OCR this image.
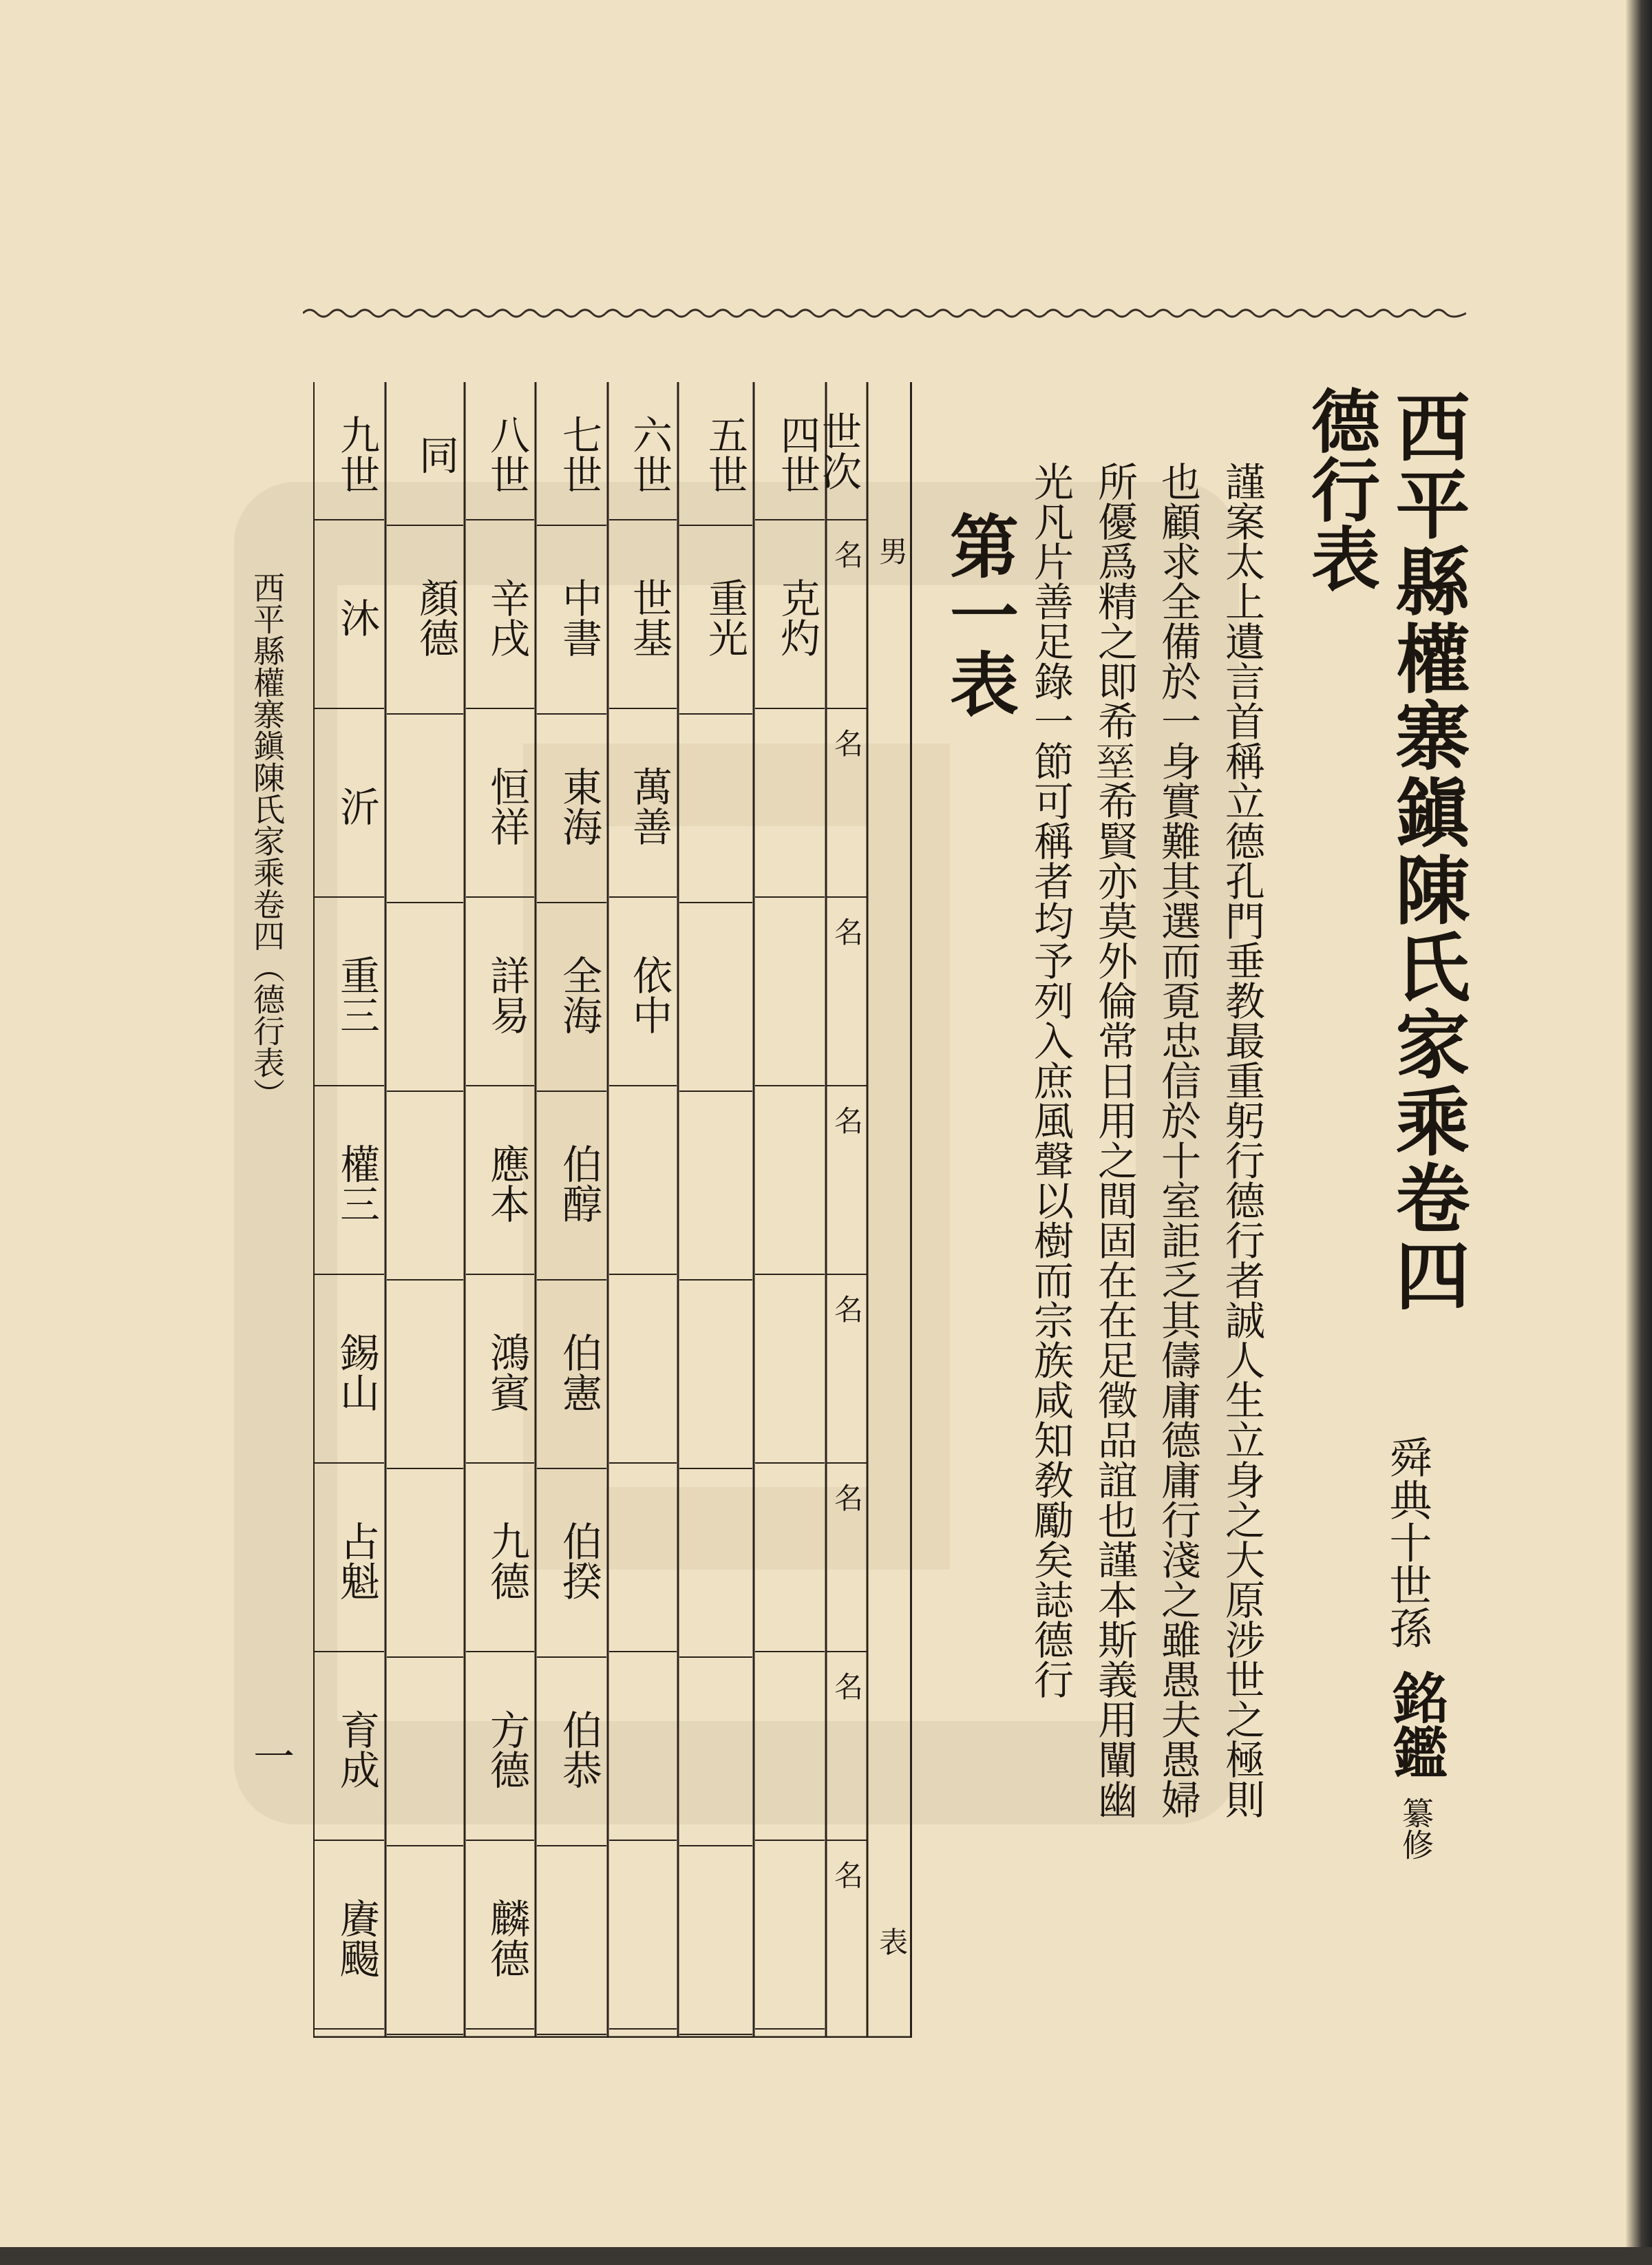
西平縣權寨鎭陳氏家乘卷四
德行表
舜典十世孫
銘鑑
纂修
謹案太上遺言首稱立德孔門垂教最重躬行德行者誠人生立身之大原涉世之極則
也顧求全備於一身實難其選而覔忠信於十室詎乏其儔庸德庸行淺之雖愚夫愚婦
所優爲精之即希𡌥希賢亦莫外倫常日用之間固在在足徵品誼也謹本斯義用闡幽
光凡片善足錄一節可稱者均予列入庶風聲以樹而宗族咸知敎勵矣誌德行
第一表
世次
男
表
名
名
名
名
名
名
名
名
四世
克灼
五世
重光
六世
世基
萬善
依中
七世
中書
東海
全海
伯醇
伯憲
伯揆
伯恭
八世
辛戌
恒祥
詳易
應本
鴻賓
九德
方德
麟德
同
顏德
九世
沐
沂
重三
權三
錫山
占魁
育成
賡颺
西平縣權寨鎭陳氏家乘卷四（德行表）
一
